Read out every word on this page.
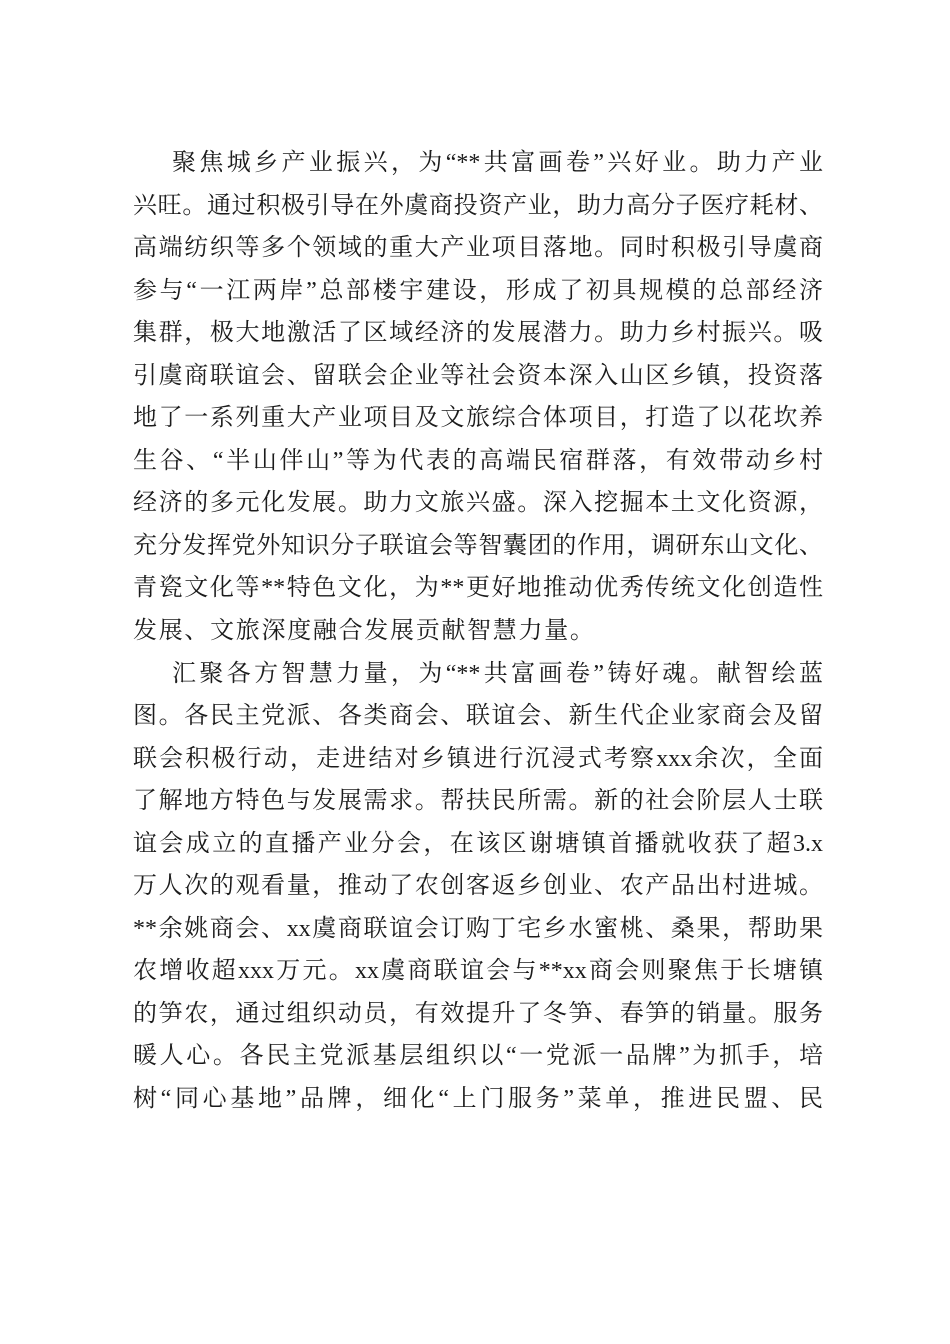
聚焦城乡产业振兴，为“**共富画卷”兴好业。助力产业
兴旺。通过积极引导在外虞商投资产业，助力高分子医疗耗材、
高端纺织等多个领域的重大产业项目落地。同时积极引导虞商
参与“一江两岸”总部楼宇建设，形成了初具规模的总部经济
集群，极大地激活了区域经济的发展潜力。助力乡村振兴。吸
引虞商联谊会、留联会企业等社会资本深入山区乡镇，投资落
地了一系列重大产业项目及文旅综合体项目，打造了以花坎养
生谷、“半山伴山”等为代表的高端民宿群落，有效带动乡村
经济的多元化发展。助力文旅兴盛。深入挖掘本土文化资源，
充分发挥党外知识分子联谊会等智囊团的作用，调研东山文化、
青瓷文化等**特色文化，为**更好地推动优秀传统文化创造性
发展、文旅深度融合发展贡献智慧力量。
汇聚各方智慧力量，为“**共富画卷”铸好魂。献智绘蓝
图。各民主党派、各类商会、联谊会、新生代企业家商会及留
联会积极行动，走进结对乡镇进行沉浸式考察xxx余次，全面
了解地方特色与发展需求。帮扶民所需。新的社会阶层人士联
谊会成立的直播产业分会，在该区谢塘镇首播就收获了超3.x
万人次的观看量，推动了农创客返乡创业、农产品出村进城。
**余姚商会、xx虞商联谊会订购丁宅乡水蜜桃、桑果，帮助果
农增收超xxx万元。xx虞商联谊会与**xx商会则聚焦于长塘镇
的笋农，通过组织动员，有效提升了冬笋、春笋的销量。服务
暖人心。各民主党派基层组织以“一党派一品牌”为抓手，培
树“同心基地”品牌，细化“上门服务”菜单，推进民盟、民
